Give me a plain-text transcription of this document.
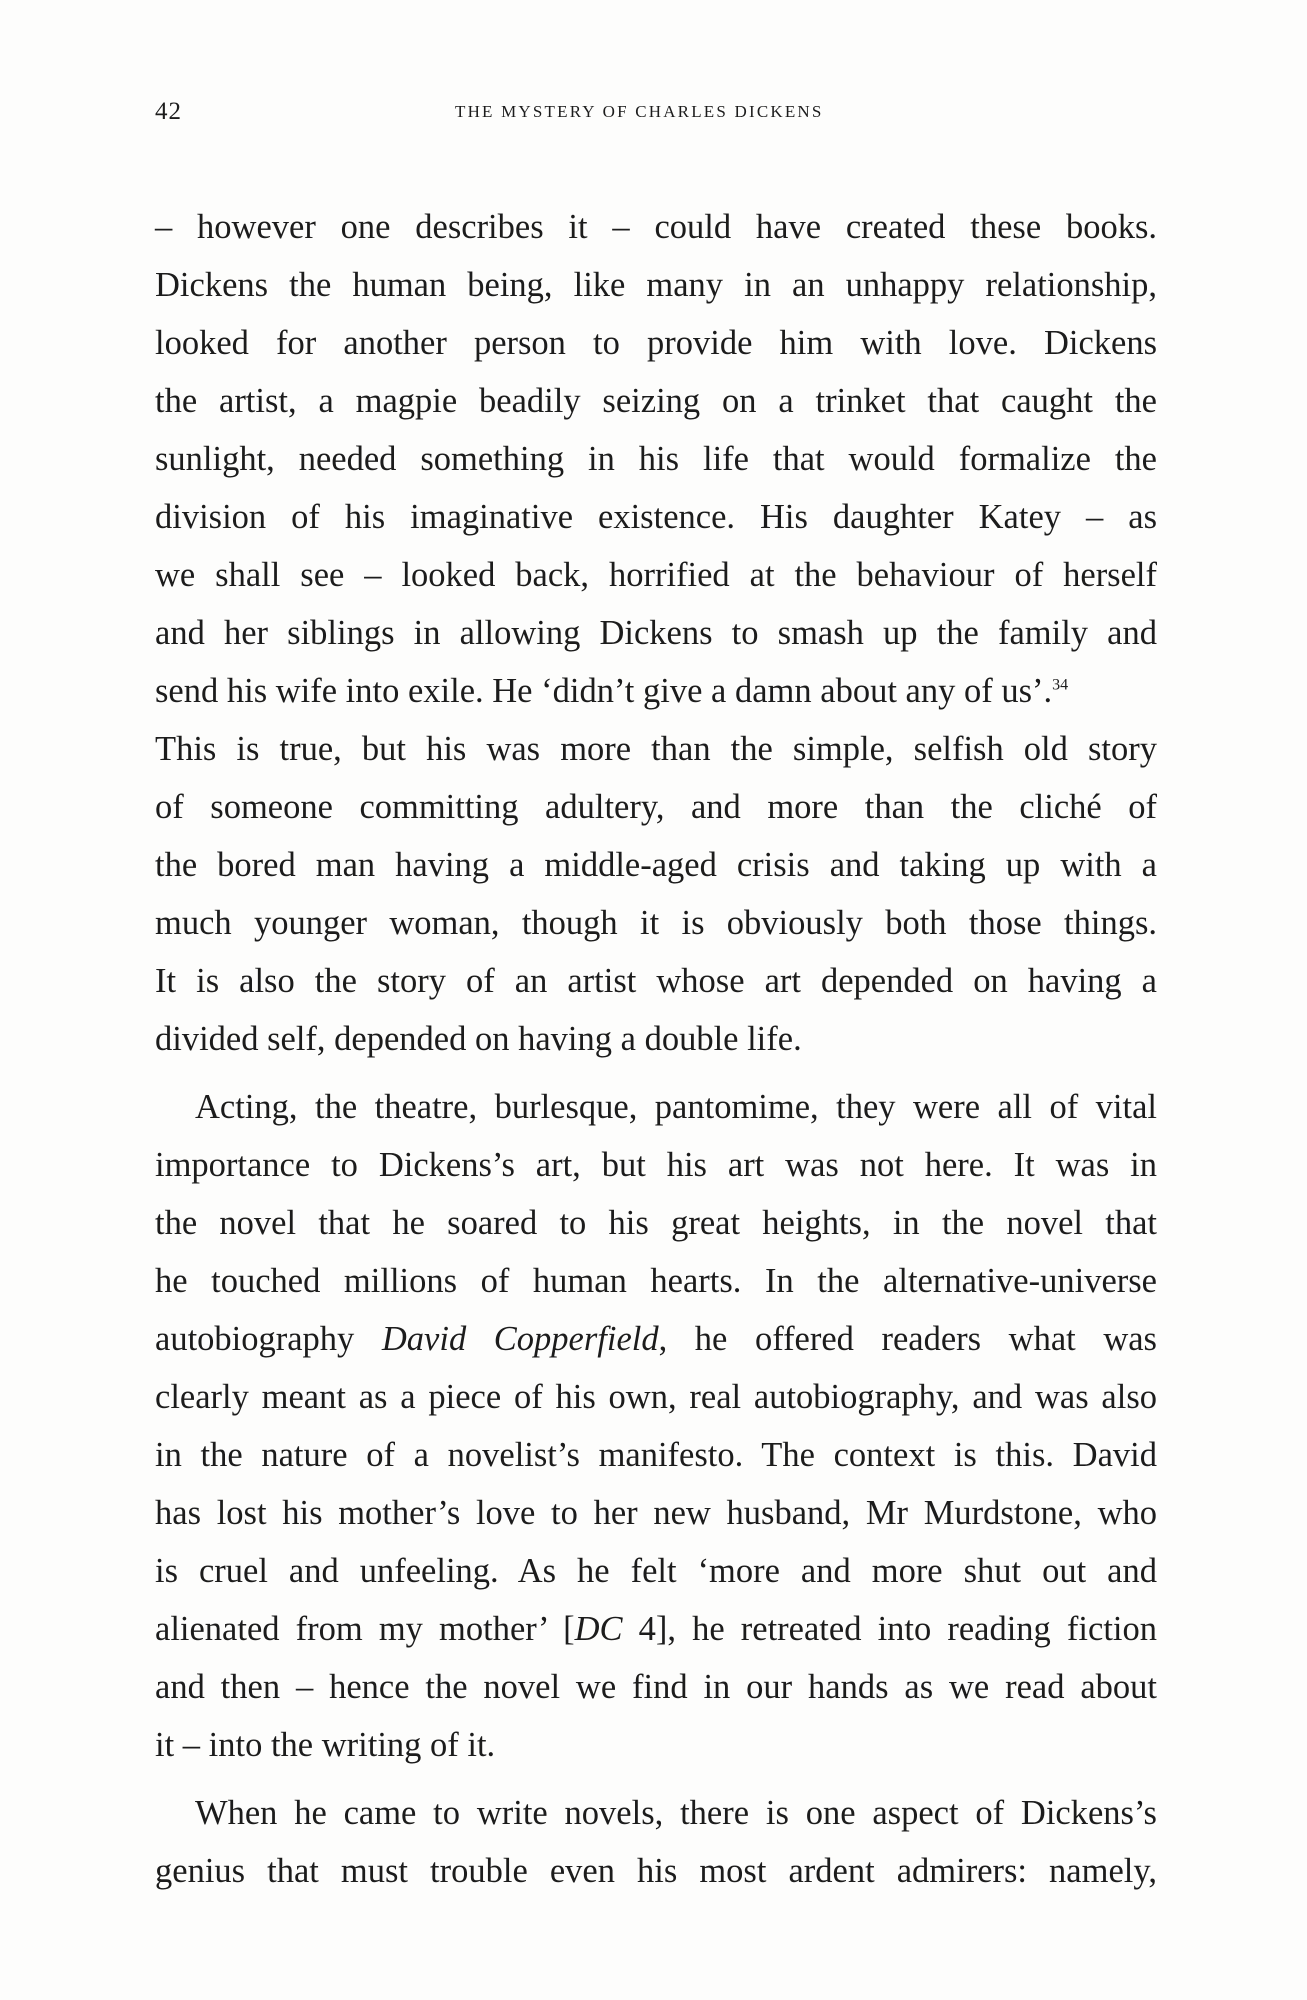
42	THE MYSTERY OF CHARLES DICKENS
– however one describes it – could have created these books.
Dickens the human being, like many in an unhappy relationship,
looked for another person to provide him with love. Dickens
the artist, a magpie beadily seizing on a trinket that caught the
sunlight, needed something in his life that would formalize the
division of his imaginative existence. His daughter Katey – as
we shall see – looked back, horrified at the behaviour of herself
and her siblings in allowing Dickens to smash up the family and
send his wife into exile. He ‘didn’t give a damn about any of us’.$^{34}$
This is true, but his was more than the simple, selfish old story
of someone committing adultery, and more than the cliché of
the bored man having a middle-aged crisis and taking up with a
much younger woman, though it is obviously both those things.
It is also the story of an artist whose art depended on having a
divided self, depended on having a double life.
Acting, the theatre, burlesque, pantomime, they were all of vital
importance to Dickens’s art, but his art was not here. It was in
the novel that he soared to his great heights, in the novel that
he touched millions of human hearts. In the alternative-universe
autobiography David Copperfield, he offered readers what was
clearly meant as a piece of his own, real autobiography, and was also
in the nature of a novelist’s manifesto. The context is this. David
has lost his mother’s love to her new husband, Mr Murdstone, who
is cruel and unfeeling. As he felt ‘more and more shut out and
alienated from my mother’ [DC 4], he retreated into reading fiction
and then – hence the novel we find in our hands as we read about
it – into the writing of it.
When he came to write novels, there is one aspect of Dickens’s
genius that must trouble even his most ardent admirers: namely,
